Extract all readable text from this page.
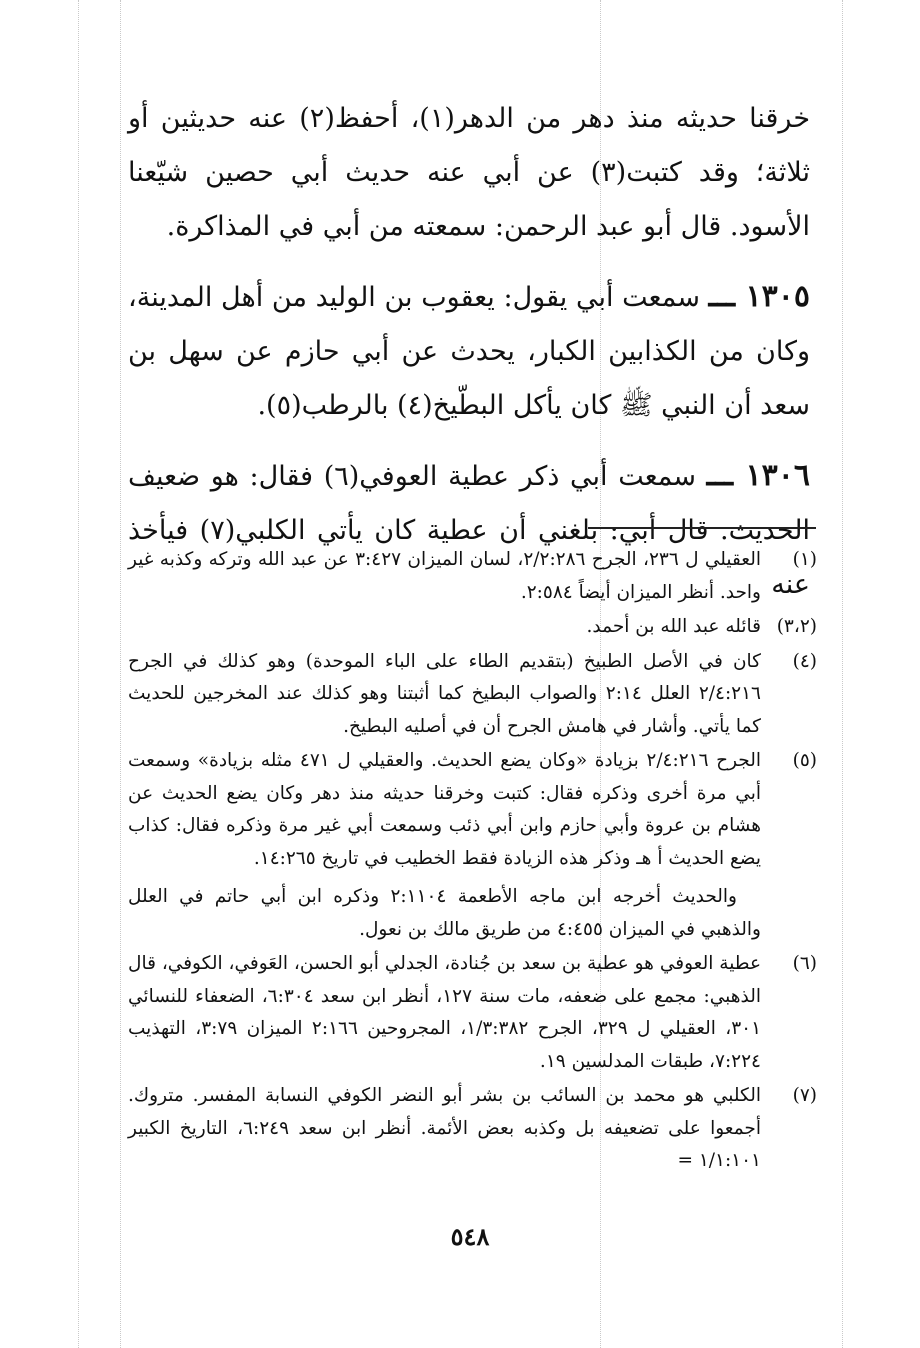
خرقنا حديثه منذ دهر من الدهر(١)، أحفظ(٢) عنه حديثين أو ثلاثة؛ وقد كتبت(٣) عن أبي عنه حديث أبي حصين شيّعنا الأسود. قال أبو عبد الرحمن: سمعته من أبي في المذاكرة.

١٣٠٥ ـــ سمعت أبي يقول: يعقوب بن الوليد من أهل المدينة، وكان من الكذابين الكبار، يحدث عن أبي حازم عن سهل بن سعد أن النبي ﷺ كان يأكل البطّيخ(٤) بالرطب(٥).

١٣٠٦ ـــ سمعت أبي ذكر عطية العوفي(٦) فقال: هو ضعيف الحديث. قال أبي: بلغني أن عطية كان يأتي الكلبي(٧) فيأخذ عنه

(١)

العقيلي ل ٢٣٦، الجرح ٢/٢:٢٨٦، لسان الميزان ٣:٤٢٧ عن عبد الله وتركه وكذبه غير واحد. أنظر الميزان أيضاً ٢:٥٨٤.

(٣،٢)

قائله عبد الله بن أحمد.

(٤)

كان في الأصل الطبيخ (بتقديم الطاء على الباء الموحدة) وهو كذلك في الجرح ٢/٤:٢١٦ العلل ٢:١٤ والصواب البطيخ كما أثبتنا وهو كذلك عند المخرجين للحديث كما يأتي. وأشار في هامش الجرح أن في أصليه البطيخ.

(٥)

الجرح ٢/٤:٢١٦ بزيادة «وكان يضع الحديث. والعقيلي ل ٤٧١ مثله بزيادة» وسمعت أبي مرة أخرى وذكره فقال: كتبت وخرقنا حديثه منذ دهر وكان يضع الحديث عن هشام بن عروة وأبي حازم وابن أبي ذئب وسمعت أبي غير مرة وذكره فقال: كذاب يضع الحديث أ هـ وذكر هذه الزيادة فقط الخطيب في تاريخ ١٤:٢٦٥.

والحديث أخرجه ابن ماجه الأطعمة ٢:١١٠٤ وذكره ابن أبي حاتم في العلل والذهبي في الميزان ٤:٤٥٥ من طريق مالك بن نعول.

(٦)

عطية العوفي هو عطية بن سعد بن جُنادة، الجدلي أبو الحسن، العَوفي، الكوفي، قال الذهبي: مجمع على ضعفه، مات سنة ١٢٧، أنظر ابن سعد ٦:٣٠٤، الضعفاء للنسائي ٣٠١، العقيلي ل ٣٢٩، الجرح ١/٣:٣٨٢، المجروحين ٢:١٦٦ الميزان ٣:٧٩، التهذيب ٧:٢٢٤، طبقات المدلسين ١٩.

(٧)

الكلبي هو محمد بن السائب بن بشر أبو النضر الكوفي النسابة المفسر. متروك. أجمعوا على تضعيفه بل وكذبه بعض الأئمة. أنظر ابن سعد ٦:٢٤٩، التاريخ الكبير ١/١:١٠١ =

٥٤٨
